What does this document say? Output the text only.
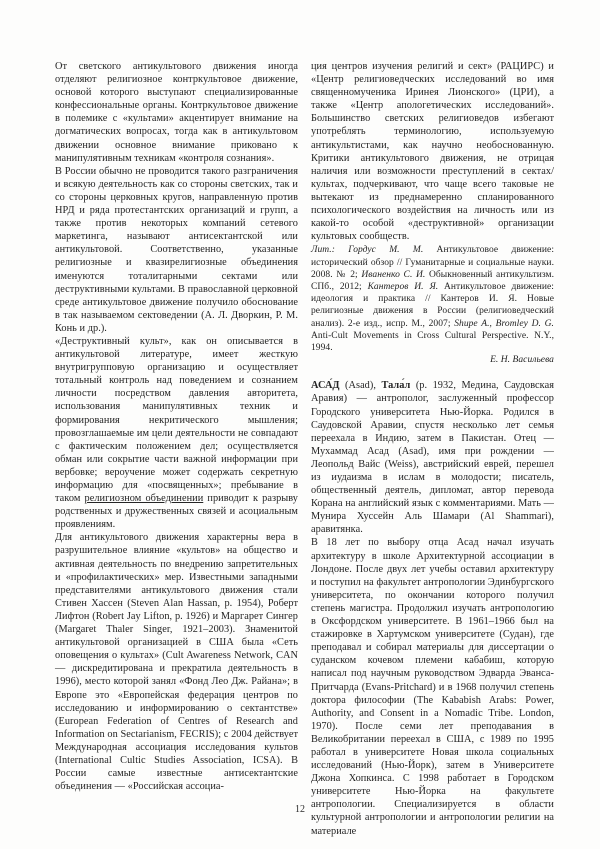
От светского антикультового движения иногда отделяют религиозное контркультовое движение, основой которого выступают специализированные конфессиональные органы. Контркультовое движение в полемике с «культами» акцентирует внимание на догматических вопросах, тогда как в антикультовом движении основное внимание приковано к манипулятивным техникам «контроля сознания».

В России обычно не проводится такого разграничения и всякую деятельность как со стороны светских, так и со стороны церковных кругов, направленную против НРД и ряда протестантских организаций и групп, а также против некоторых компаний сетевого маркетинга, называют антисектантской или антикультовой. Соответственно, указанные религиозные и квазирелигиозные объединения именуются тоталитарными сектами или деструктивными культами. В православной церковной среде антикультовое движение получило обоснование в так называемом сектоведении (А. Л. Дворкин, Р. М. Конь и др.).

«Деструктивный культ», как он описывается в антикультовой литературе, имеет жесткую внутригрупповую организацию и осуществляет тотальный контроль над поведением и сознанием личности посредством давления авторитета, использования манипулятивных техник и формирования некритического мышления; провозглашаемые им цели деятельности не совпадают с фактическим положением дел; осуществляется обман или сокрытие части важной информации при вербовке; вероучение может содержать секретную информацию для «посвященных»; пребывание в таком религиозном объединении приводит к разрыву родственных и дружественных связей и асоциальным проявлениям.

Для антикультового движения характерны вера в разрушительное влияние «культов» на общество и активная деятельность по внедрению запретительных и «профилактических» мер. Известными западными представителями антикультового движения стали Стивен Хассен (Steven Alan Hassan, р. 1954), Роберт Лифтон (Robert Jay Lifton, р. 1926) и Маргарет Сингер (Margaret Thaler Singer, 1921–2003). Знаменитой антикультовой организацией в США была «Сеть оповещения о культах» (Cult Awareness Network, CAN — дискредитирована и прекратила деятельность в 1996), место которой занял «Фонд Лео Дж. Райана»; в Европе это «Европейская федерация центров по исследованию и информированию о сектантстве» (European Federation of Centres of Research and Information on Sectarianism, FECRIS); с 2004 действует Международная ассоциация исследования культов (International Cultic Studies Association, ICSA). В России самые известные антисектантские объединения — «Российская ассоциа-

ция центров изучения религий и сект» (РАЦИРС) и «Центр религиоведческих исследований во имя священномученика Иринея Лионского» (ЦРИ), а также «Центр апологетических исследований». Большинство светских религиоведов избегают употреблять терминологию, используемую антикультистами, как научно необоснованную. Критики антикультового движения, не отрицая наличия или возможности преступлений в сектах/культах, подчеркивают, что чаще всего таковые не вытекают из преднамеренно спланированного психологического воздействия на личность или из какой-то особой «деструктивной» организации культовых сообществ.

Лит.: Гордус М. М. Антикультовое движение: исторический обзор // Гуманитарные и социальные науки. 2008. № 2; Иваненко С. И. Обыкновенный антикультизм. СПб., 2012; Кантеров И. Я. Антикультовое движение: идеология и практика // Кантеров И. Я. Новые религиозные движения в России (религиоведческий анализ). 2-е изд., испр. М., 2007; Shupe A., Bromley D. G. Anti-Cult Movements in Cross Cultural Perspective. N.Y., 1994.

Е. Н. Васильева

АСА́Д (Asad), Тала́л (р. 1932, Медина, Саудовская Аравия) — антрополог, заслуженный профессор Городского университета Нью-Йорка. Родился в Саудовской Аравии, спустя несколько лет семья переехала в Индию, затем в Пакистан. Отец — Мухаммад Асад (Asad), имя при рождении — Леопольд Вайс (Weiss), австрийский еврей, перешел из иудаизма в ислам в молодости; писатель, общественный деятель, дипломат, автор перевода Корана на английский язык с комментариями. Мать — Мунира Хуссейн Аль Шамари (Al Shammari), аравитянка.

В 18 лет по выбору отца Асад начал изучать архитектуру в школе Архитектурной ассоциации в Лондоне. После двух лет учебы оставил архитектуру и поступил на факультет антропологии Эдинбургского университета, по окончании которого получил степень магистра. Продолжил изучать антропологию в Оксфордском университете. В 1961–1966 был на стажировке в Хартумском университете (Судан), где преподавал и собирал материалы для диссертации о суданском кочевом племени кабабиш, которую написал под научным руководством Эдварда Эванса-Притчарда (Evans-Pritchard) и в 1968 получил степень доктора философии (The Kababish Arabs: Power, Authority, and Consent in a Nomadic Tribe. London, 1970). После семи лет преподавания в Великобритании переехал в США, с 1989 по 1995 работал в университете Новая школа социальных исследований (Нью-Йорк), затем в Университете Джона Хопкинса. С 1998 работает в Городском университете Нью-Йорка на факультете антропологии. Специализируется в области культурной антропологии и антропологии религии на материале

12
